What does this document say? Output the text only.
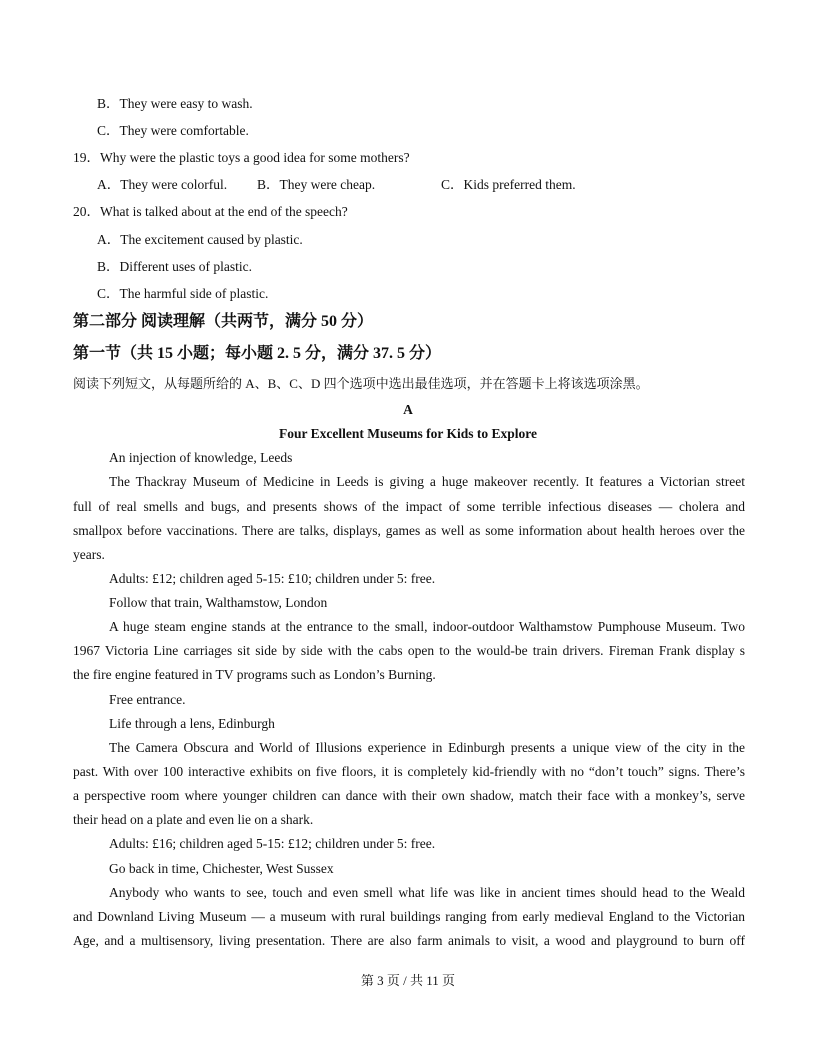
B．They were easy to wash.
C．They were comfortable.
19．Why were the plastic toys a good idea for some mothers?
A．They were colorful. B．They were cheap.	C．Kids preferred them.
20．What is talked about at the end of the speech?
A．The excitement caused by plastic.
B．Different uses of plastic.
C．The harmful side of plastic.
第二部分 阅读理解（共两节，满分 50 分）
第一节（共 15 小题；每小题 2. 5 分，满分 37. 5 分）
阅读下列短文，从每题所给的 A、B、C、D 四个选项中选出最佳选项，并在答题卡上将该选项涂黑。
A
Four Excellent Museums for Kids to Explore
An injection of knowledge, Leeds
The Thackray Museum of Medicine in Leeds is giving a huge makeover recently. It features a Victorian street
full of real smells and bugs, and presents shows of the impact of some terrible infectious diseases — cholera and
smallpox before vaccinations. There are talks, displays, games as well as some information about health heroes over the
years.
Adults: £12; children aged 5-15: £10; children under 5: free.
Follow that train, Walthamstow, London
A huge steam engine stands at the entrance to the small, indoor-outdoor Walthamstow Pumphouse Museum. Two
1967 Victoria Line carriages sit side by side with the cabs open to the would-be train drivers. Fireman Frank display s
the fire engine featured in TV programs such as London’s Burning.
Free entrance.
Life through a lens, Edinburgh
The Camera Obscura and World of Illusions experience in Edinburgh presents a unique view of the city in the
past. With over 100 interactive exhibits on five floors, it is completely kid-friendly with no “don’t touch” signs. There’s
a perspective room where younger children can dance with their own shadow, match their face with a monkey’s, serve
their head on a plate and even lie on a shark.
Adults: £16; children aged 5-15: £12; children under 5: free.
Go back in time, Chichester, West Sussex
Anybody who wants to see, touch and even smell what life was like in ancient times should head to the Weald
and Downland Living Museum — a museum with rural buildings ranging from early medieval England to the Victorian
Age, and a multisensory, living presentation. There are also farm animals to visit, a wood and playground to burn off
第 3 页 / 共 11 页
